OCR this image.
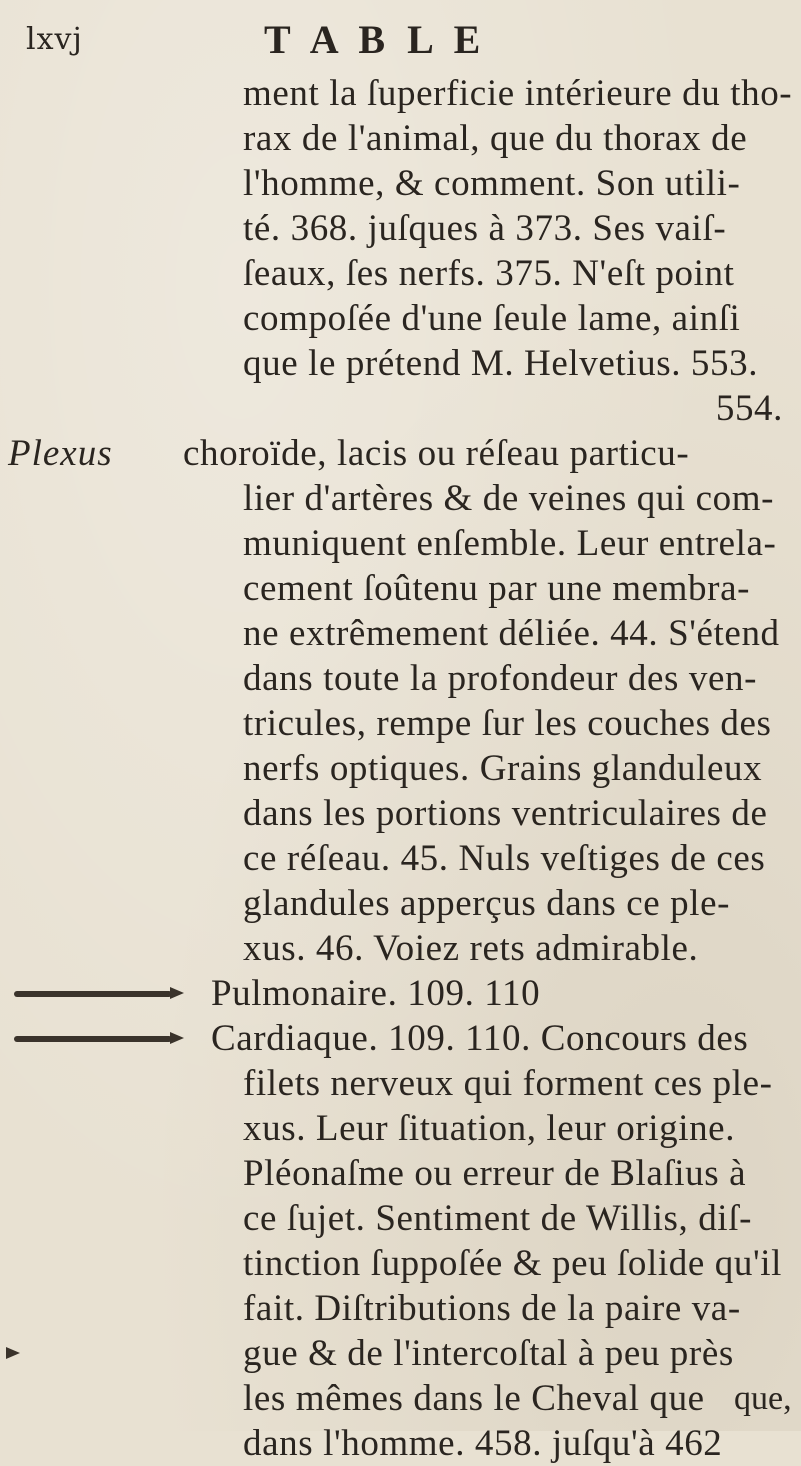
lxvj	T A B L E
ment la ſuperficie intérieure du tho-
rax de l'animal, que du thorax de
l'homme, & comment. Son utili-
té. 368. juſques à 373. Ses vaiſ-
ſeaux, ſes nerfs. 375. N'eſt point
compoſée d'une ſeule lame, ainſi
que le prétend M. Helvetius. 553.
554.
choroïde, lacis ou réſeau particu-
lier d'artères & de veines qui com-
muniquent enſemble. Leur entrela-
cement ſoûtenu par une membra-
ne extrêmement déliée. 44. S'étend
dans toute la profondeur des ven-
tricules, rempe ſur les couches des
nerfs optiques. Grains glanduleux
dans les portions ventriculaires de
ce réſeau. 45. Nuls veſtiges de ces
glandules apperçus dans ce ple-
xus. 46. Voiez rets admirable.
Pulmonaire. 109. 110
Cardiaque. 109. 110. Concours des
filets nerveux qui forment ces ple-
xus. Leur ſituation, leur origine.
Pléonaſme ou erreur de Blaſius à
ce ſujet. Sentiment de Willis, diſ-
tinction ſuppoſée & peu ſolide qu'il
fait. Diſtributions de la paire va-
gue & de l'intercoſtal à peu près
les mêmes dans le Cheval que
dans l'homme. 458. juſqu'à 462
Plexus
que,
